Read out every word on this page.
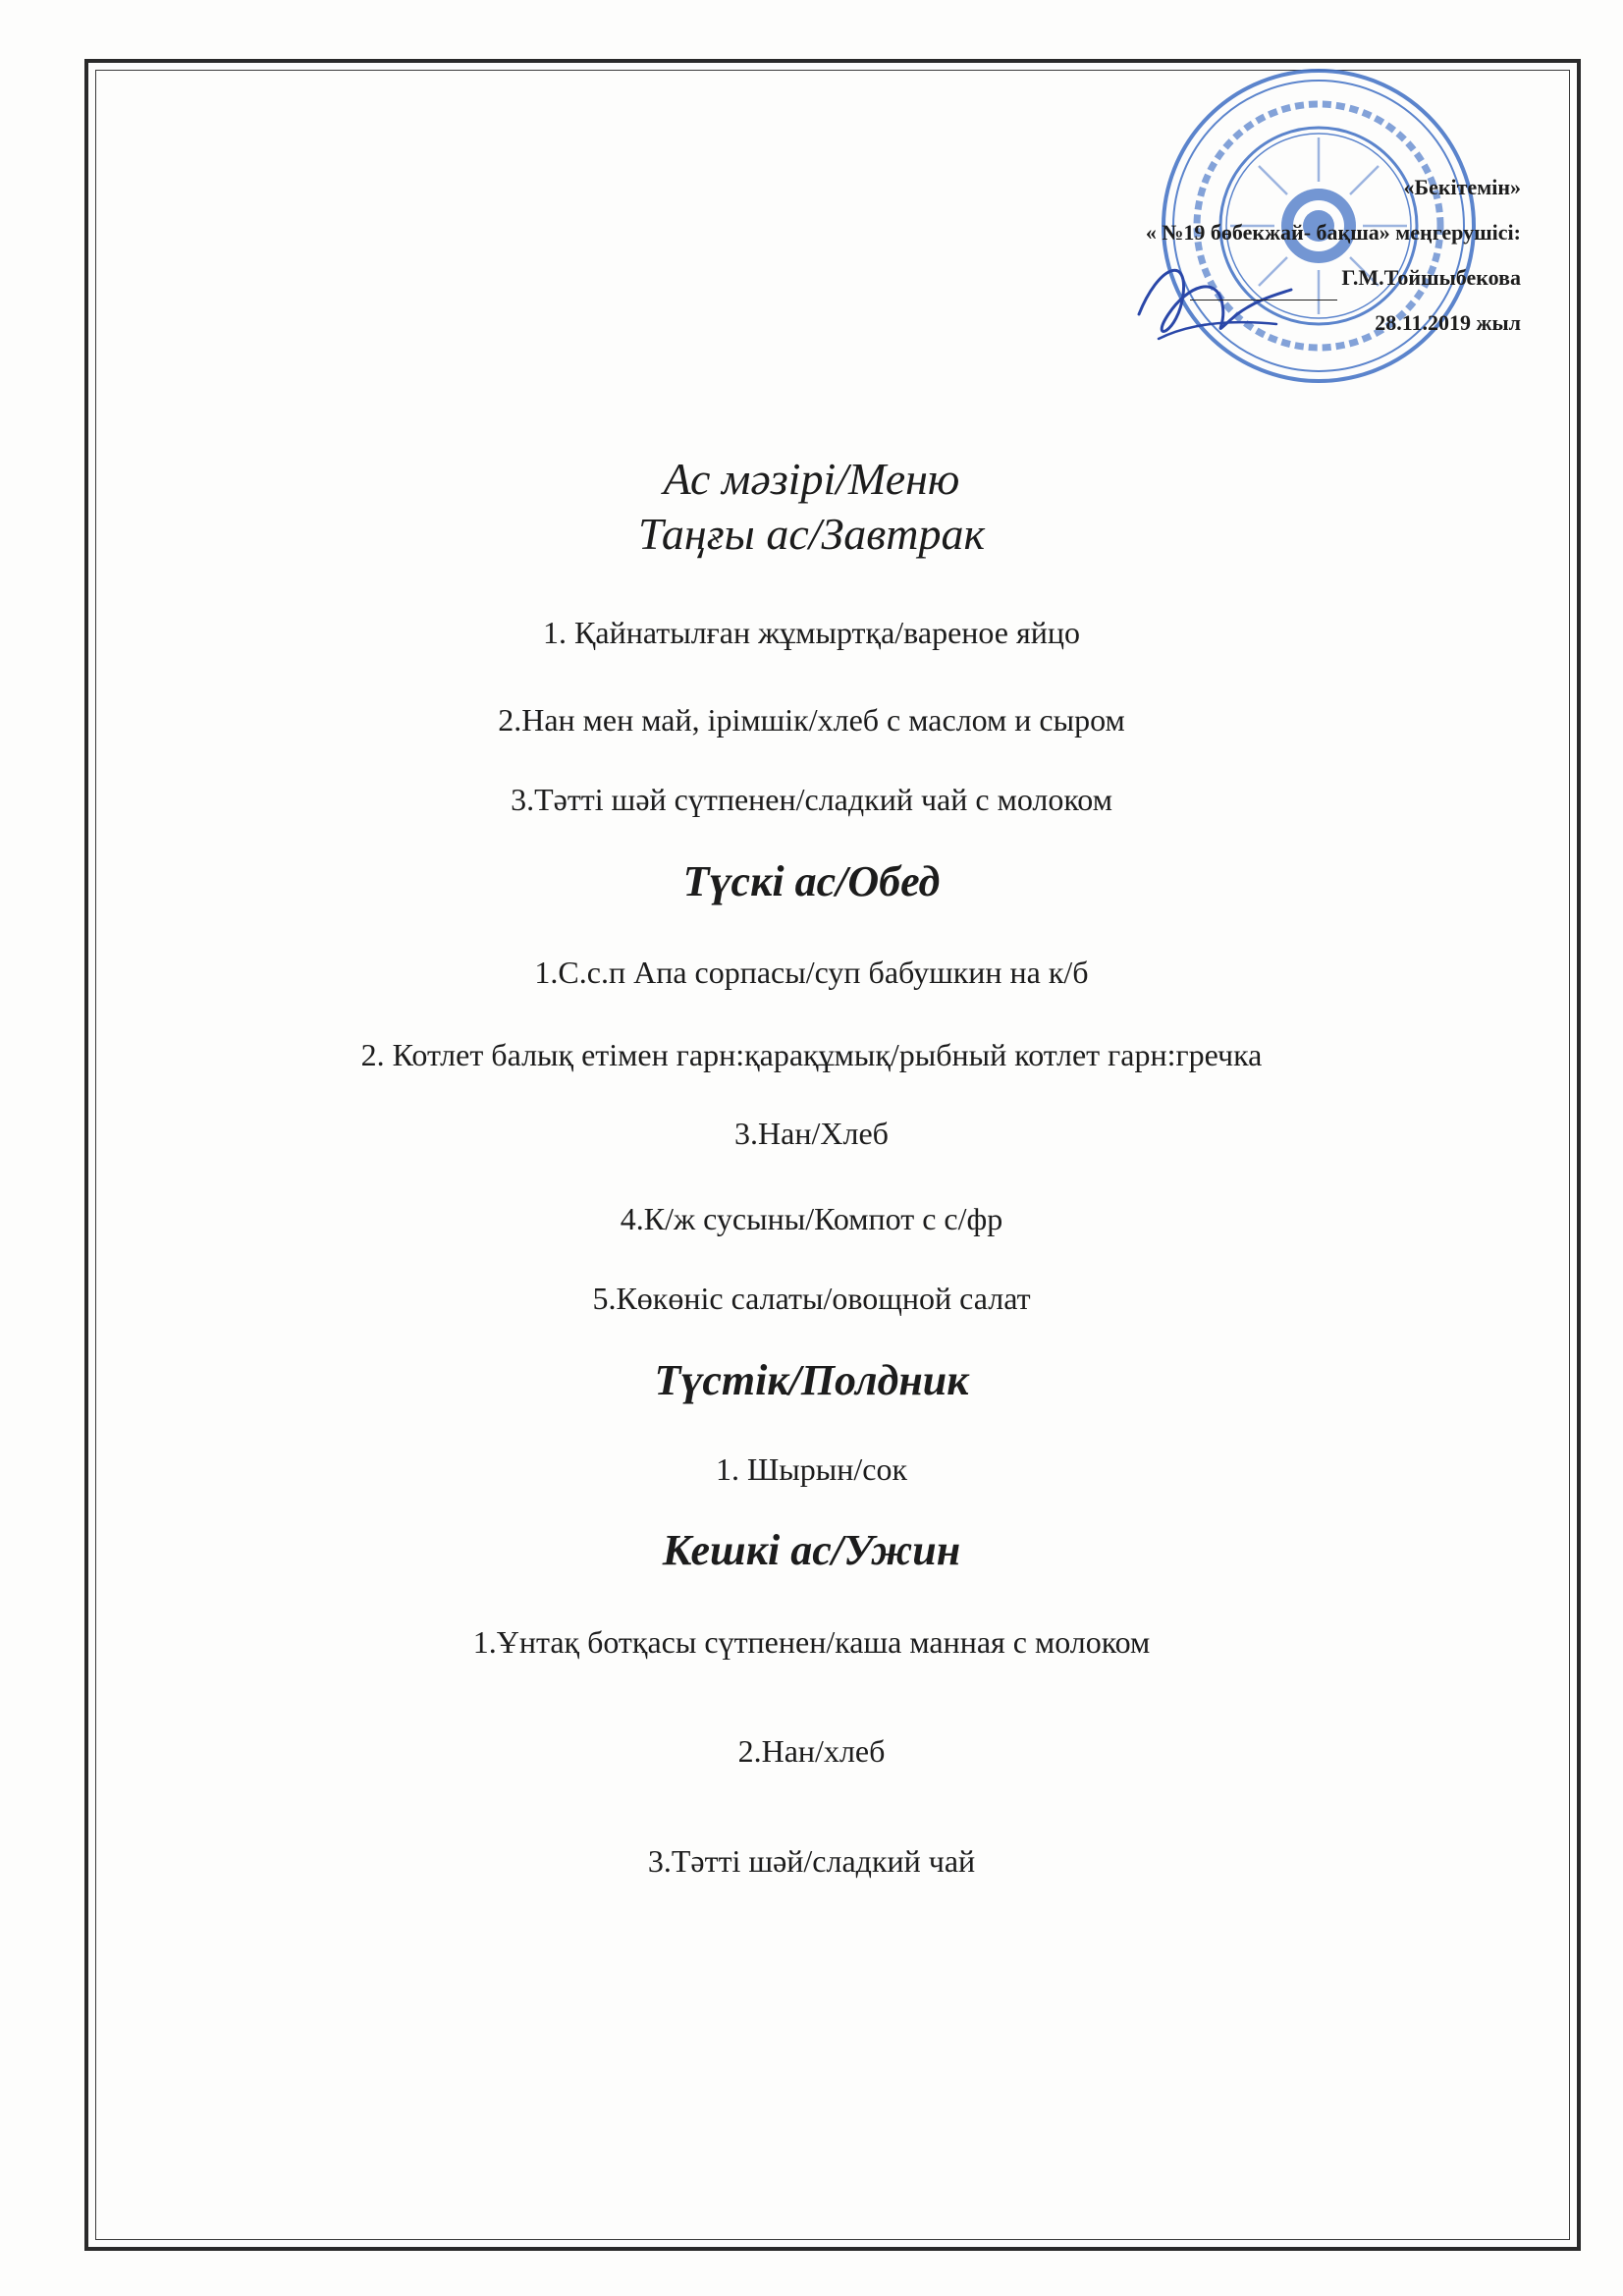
«Бекітемін»
« №19 бөбекжай- бақша» меңгерушісі:
Г.М.Тойшыбекова
28.11.2019 жыл
Ас мәзірі/Меню
Таңғы ас/Завтрак
1. Қайнатылған жұмыртқа/вареное яйцо
2.Нан мен май, ірімшік/хлеб с маслом и сыром
3.Тәтті шәй сүтпенен/сладкий чай с молоком
Түскі ас/Обед
1.С.с.п Апа сорпасы/суп бабушкин на к/б
2. Котлет балық етімен гарн:қарақұмық/рыбный котлет гарн:гречка
3.Нан/Хлеб
4.К/ж сусыны/Компот с с/фр
5.Көкөніс салаты/овощной салат
Түстік/Полдник
1. Шырын/сок
Кешкі ас/Ужин
1.Ұнтақ ботқасы сүтпенен/каша манная с молоком
2.Нан/хлеб
3.Тәтті шәй/сладкий чай
